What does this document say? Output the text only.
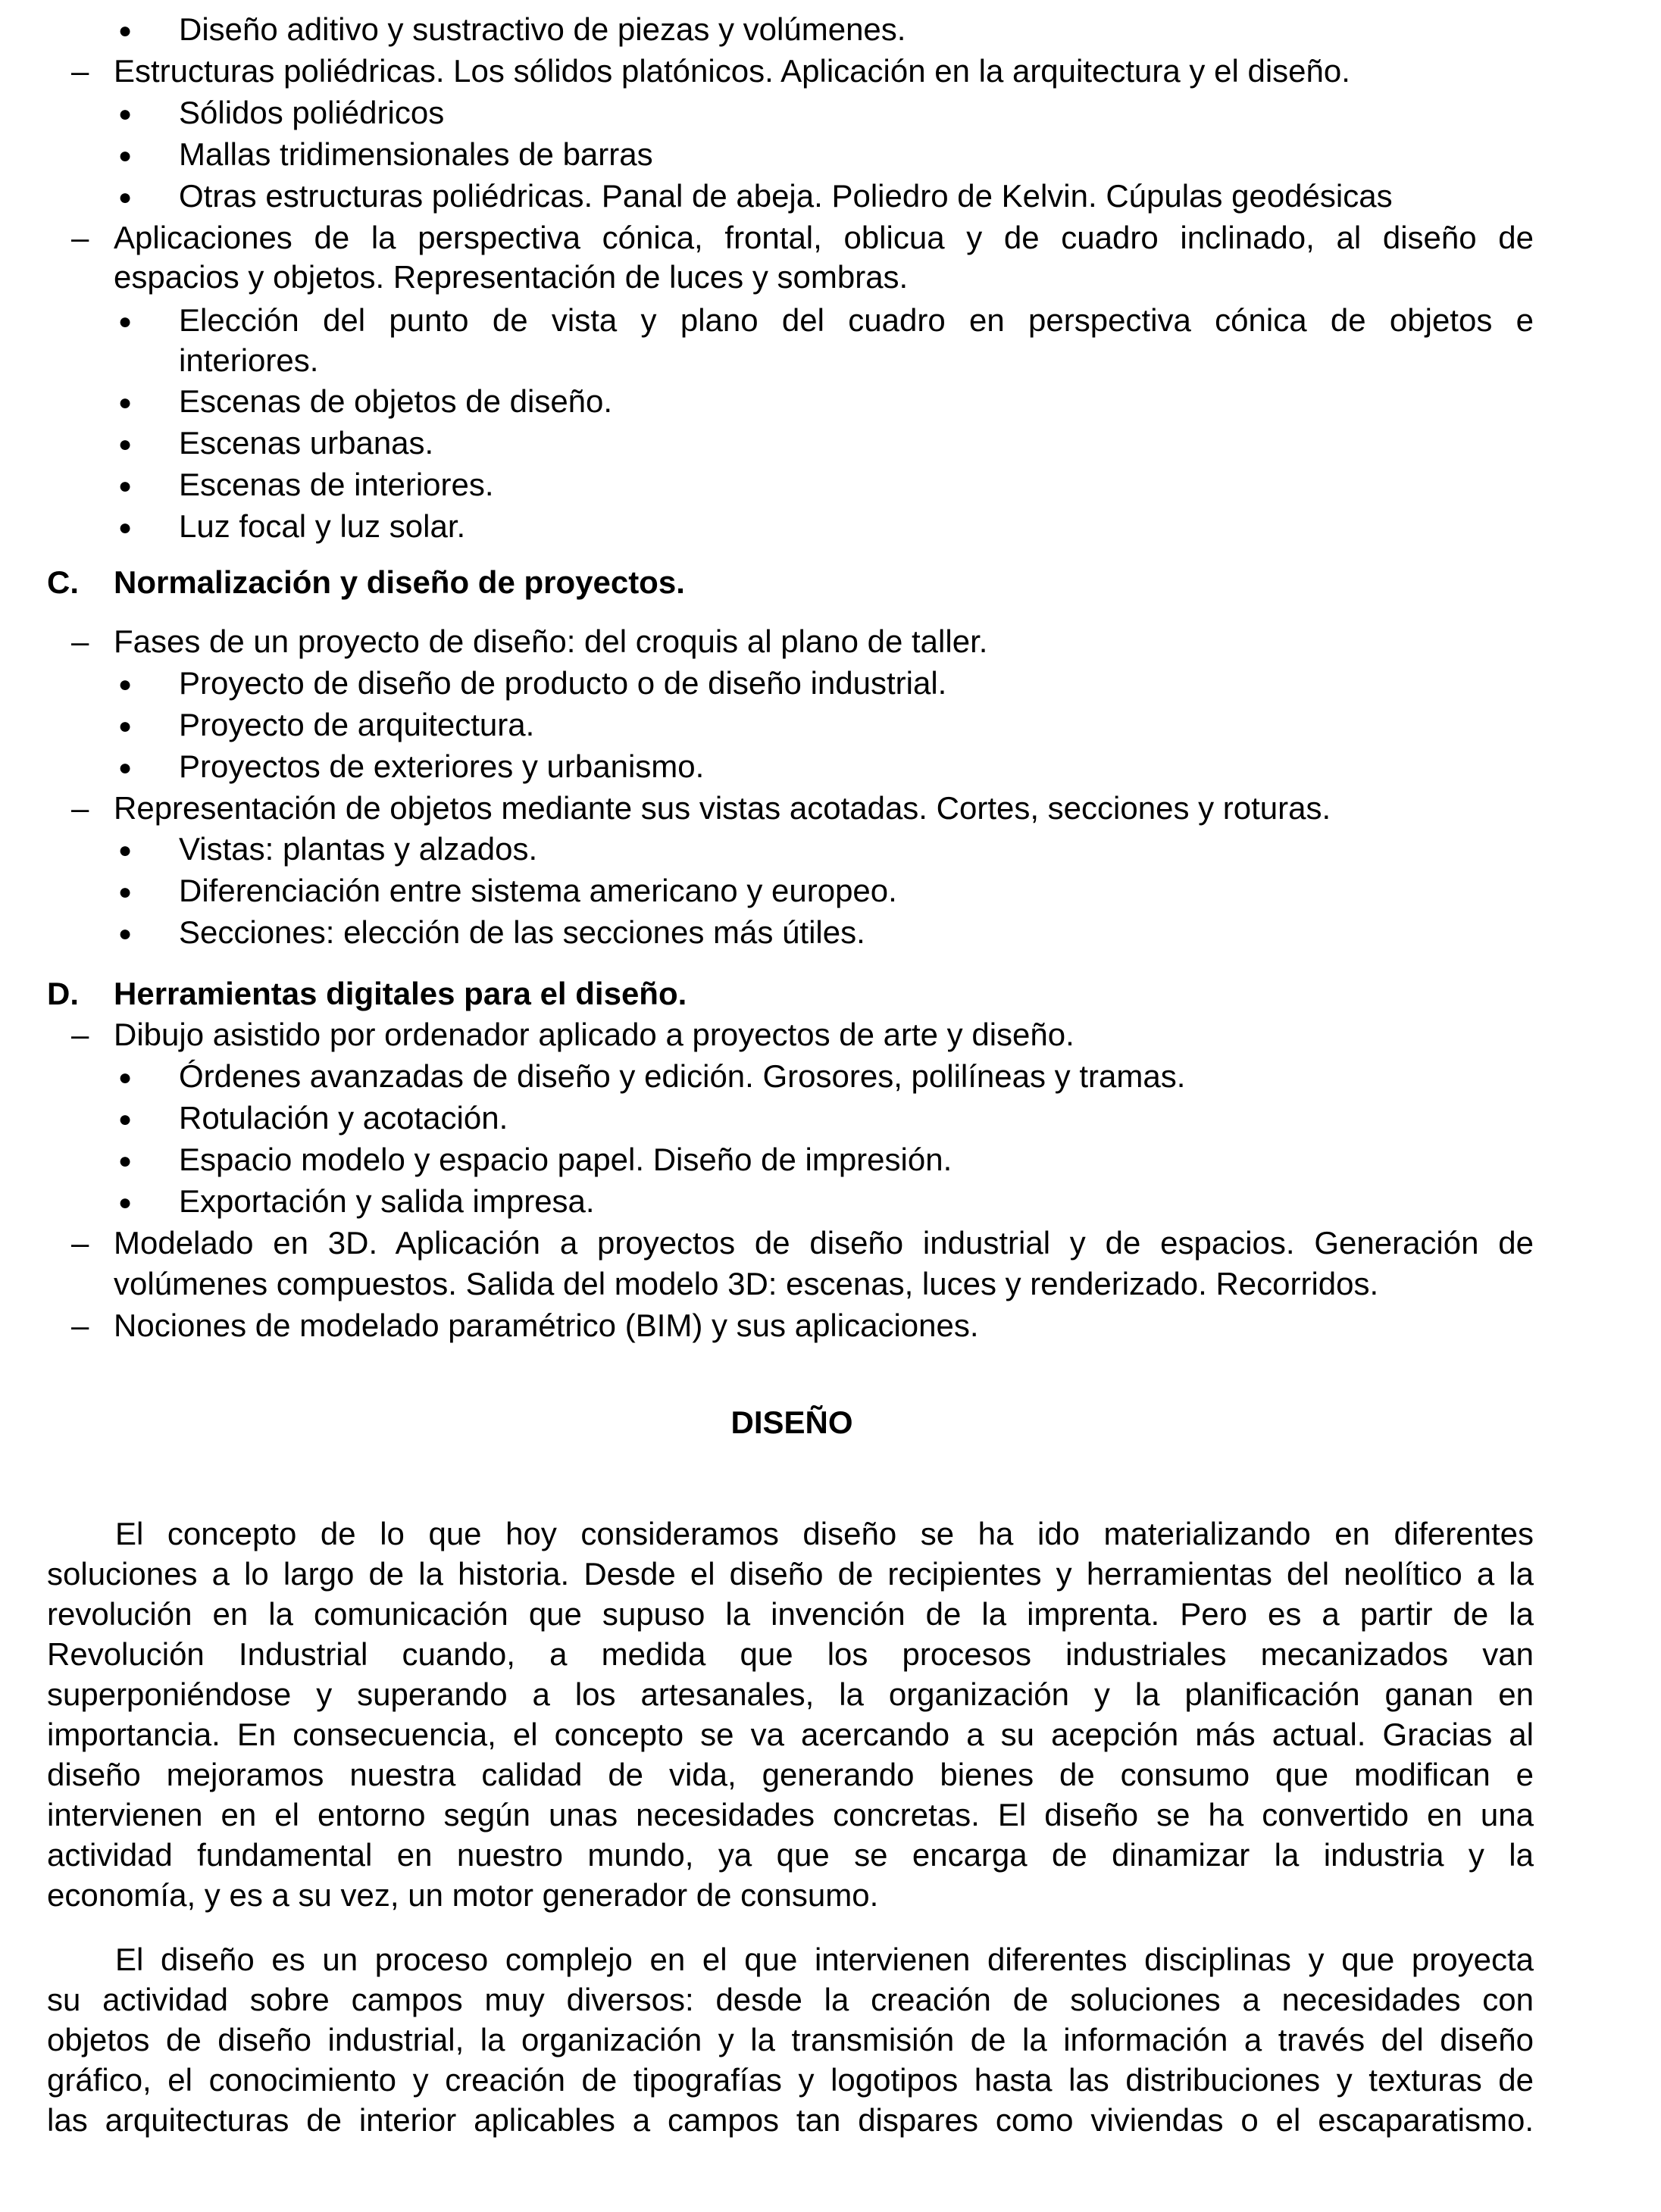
● Diseño aditivo y sustractivo de piezas y volúmenes.
– Estructuras poliédricas. Los sólidos platónicos. Aplicación en la arquitectura y el diseño.
● Sólidos poliédricos
● Mallas tridimensionales de barras
● Otras estructuras poliédricas. Panal de abeja. Poliedro de Kelvin. Cúpulas geodésicas
– Aplicaciones de la perspectiva cónica, frontal, oblicua y de cuadro inclinado, al diseño de
espacios y objetos. Representación de luces y sombras.
● Elección del punto de vista y plano del cuadro en perspectiva cónica de objetos e
interiores.
● Escenas de objetos de diseño.
● Escenas urbanas.
● Escenas de interiores.
● Luz focal y luz solar.
C. Normalización y diseño de proyectos.
– Fases de un proyecto de diseño: del croquis al plano de taller.
● Proyecto de diseño de producto o de diseño industrial.
● Proyecto de arquitectura.
● Proyectos de exteriores y urbanismo.
– Representación de objetos mediante sus vistas acotadas. Cortes, secciones y roturas.
● Vistas: plantas y alzados.
● Diferenciación entre sistema americano y europeo.
● Secciones: elección de las secciones más útiles.
D. Herramientas digitales para el diseño.
– Dibujo asistido por ordenador aplicado a proyectos de arte y diseño.
● Órdenes avanzadas de diseño y edición. Grosores, polilíneas y tramas.
● Rotulación y acotación.
● Espacio modelo y espacio papel. Diseño de impresión.
● Exportación y salida impresa.
– Modelado en 3D. Aplicación a proyectos de diseño industrial y de espacios. Generación de
volúmenes compuestos. Salida del modelo 3D: escenas, luces y renderizado. Recorridos.
– Nociones de modelado paramétrico (BIM) y sus aplicaciones.
DISEÑO
El concepto de lo que hoy consideramos diseño se ha ido materializando en diferentes
soluciones a lo largo de la historia. Desde el diseño de recipientes y herramientas del neolítico a la
revolución en la comunicación que supuso la invención de la imprenta. Pero es a partir de la
Revolución Industrial cuando, a medida que los procesos industriales mecanizados van
superponiéndose y superando a los artesanales, la organización y la planificación ganan en
importancia. En consecuencia, el concepto se va acercando a su acepción más actual. Gracias al
diseño mejoramos nuestra calidad de vida, generando bienes de consumo que modifican e
intervienen en el entorno según unas necesidades concretas. El diseño se ha convertido en una
actividad fundamental en nuestro mundo, ya que se encarga de dinamizar la industria y la
economía, y es a su vez, un motor generador de consumo.
El diseño es un proceso complejo en el que intervienen diferentes disciplinas y que proyecta
su actividad sobre campos muy diversos: desde la creación de soluciones a necesidades con
objetos de diseño industrial, la organización y la transmisión de la información a través del diseño
gráfico, el conocimiento y creación de tipografías y logotipos hasta las distribuciones y texturas de
las arquitecturas de interior aplicables a campos tan dispares como viviendas o el escaparatismo.
